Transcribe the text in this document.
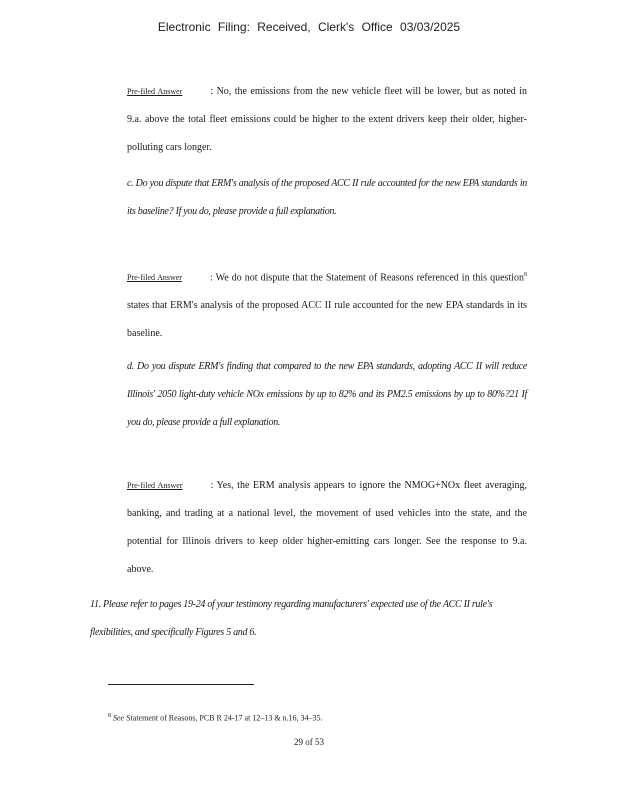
Electronic Filing: Received, Clerk's Office 03/03/2025
Pre-filed Answer	: No, the emissions from the new vehicle fleet will be lower, but as noted in 9.a. above the total fleet emissions could be higher to the extent drivers keep their older, higher-polluting cars longer.
c. Do you dispute that ERM's analysis of the proposed ACC II rule accounted for the new EPA standards in its baseline? If you do, please provide a full explanation.
Pre-filed Answer	: We do not dispute that the Statement of Reasons referenced in this question$^8$ states that ERM's analysis of the proposed ACC II rule accounted for the new EPA standards in its baseline.
d. Do you dispute ERM's finding that compared to the new EPA standards, adopting ACC II will reduce Illinois' 2050 light-duty vehicle NOx emissions by up to 82% and its PM2.5 emissions by up to 80%?21 If you do, please provide a full explanation.
Pre-filed Answer	: Yes, the ERM analysis appears to ignore the NMOG+NOx fleet averaging, banking, and trading at a national level, the movement of used vehicles into the state, and the potential for Illinois drivers to keep older higher-emitting cars longer. See the response to 9.a. above.
11. Please refer to pages 19-24 of your testimony regarding manufacturers' expected use of the ACC II rule's flexibilities, and specifically Figures 5 and 6.
$^8$ See Statement of Reasons, PCB R 24-17 at 12–13 & n.16, 34–35.
29 of 53
